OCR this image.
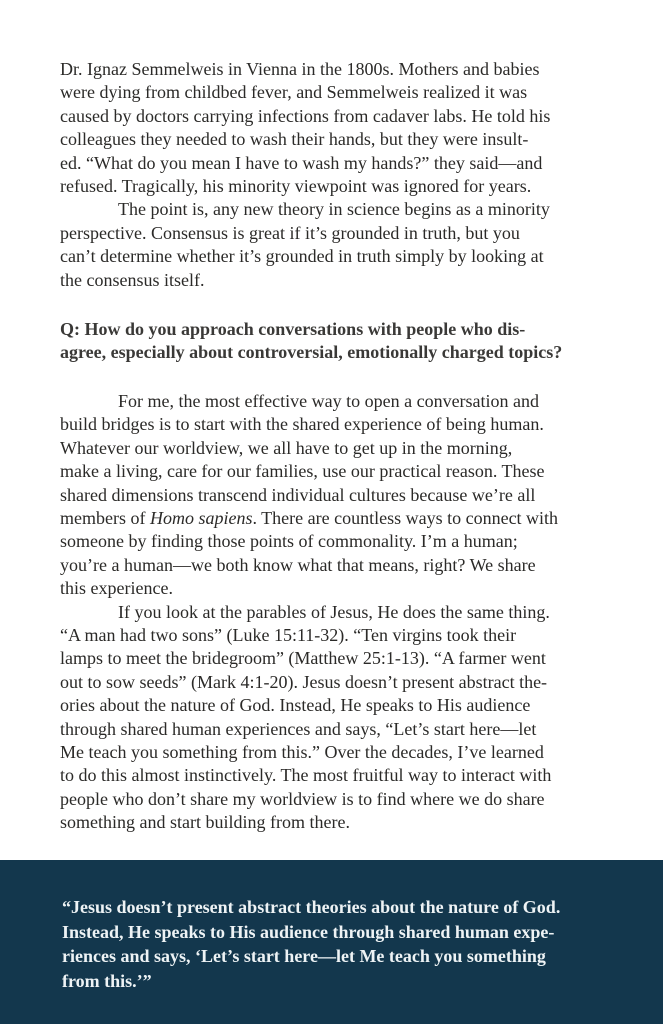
Dr. Ignaz Semmelweis in Vienna in the 1800s. Mothers and babies
were dying from childbed fever, and Semmelweis realized it was
caused by doctors carrying infections from cadaver labs. He told his
colleagues they needed to wash their hands, but they were insult-
ed. “What do you mean I have to wash my hands?” they said—and
refused. Tragically, his minority viewpoint was ignored for years.
The point is, any new theory in science begins as a minority
perspective. Consensus is great if it’s grounded in truth, but you
can’t determine whether it’s grounded in truth simply by looking at
the consensus itself.
Q: How do you approach conversations with people who dis-
agree, especially about controversial, emotionally charged topics?
For me, the most effective way to open a conversation and
build bridges is to start with the shared experience of being human.
Whatever our worldview, we all have to get up in the morning,
make a living, care for our families, use our practical reason. These
shared dimensions transcend individual cultures because we’re all
members of Homo sapiens. There are countless ways to connect with
someone by finding those points of commonality. I’m a human;
you’re a human—we both know what that means, right? We share
this experience.
If you look at the parables of Jesus, He does the same thing.
“A man had two sons” (Luke 15:11-32). “Ten virgins took their
lamps to meet the bridegroom” (Matthew 25:1-13). “A farmer went
out to sow seeds” (Mark 4:1-20). Jesus doesn’t present abstract the-
ories about the nature of God. Instead, He speaks to His audience
through shared human experiences and says, “Let’s start here—let
Me teach you something from this.” Over the decades, I’ve learned
to do this almost instinctively. The most fruitful way to interact with
people who don’t share my worldview is to find where we do share
something and start building from there.
“Jesus doesn’t present abstract theories about the nature of God.
Instead, He speaks to His audience through shared human expe-
riences and says, ‘Let’s start here—let Me teach you something
from this.’”
